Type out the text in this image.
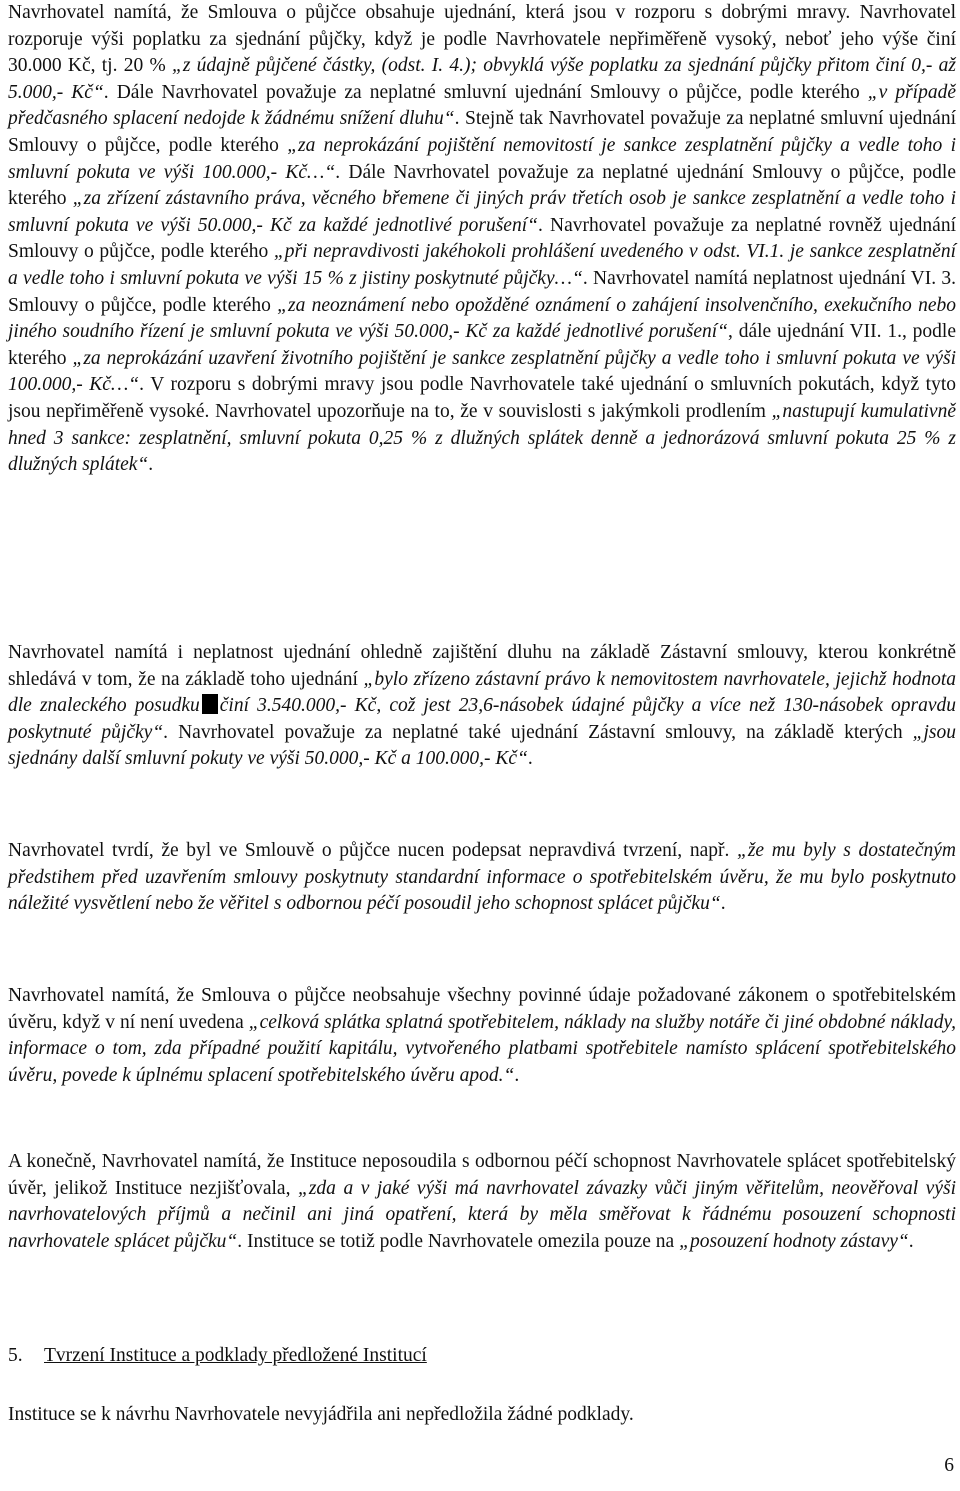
Navrhovatel namítá, že Smlouva o půjčce obsahuje ujednání, která jsou v rozporu s dobrými mravy. Navrhovatel rozporuje výši poplatku za sjednání půjčky, když je podle Navrhovatele nepřiměřeně vysoký, neboť jeho výše činí 30.000 Kč, tj. 20 % „z údajně půjčené částky, (odst. I. 4.); obvyklá výše poplatku za sjednání půjčky přitom činí 0,- až 5.000,- Kč“. Dále Navrhovatel považuje za neplatné smluvní ujednání Smlouvy o půjčce, podle kterého „v případě předčasného splacení nedojde k žádnému snížení dluhu“. Stejně tak Navrhovatel považuje za neplatné smluvní ujednání Smlouvy o půjčce, podle kterého „za neprokázání pojištění nemovitostí je sankce zesplatnění půjčky a vedle toho i smluvní pokuta ve výši 100.000,- Kč…“. Dále Navrhovatel považuje za neplatné ujednání Smlouvy o půjčce, podle kterého „za zřízení zástavního práva, věcného břemene či jiných práv třetích osob je sankce zesplatnění a vedle toho i smluvní pokuta ve výši 50.000,- Kč za každé jednotlivé porušení“. Navrhovatel považuje za neplatné rovněž ujednání Smlouvy o půjčce, podle kterého „při nepravdivosti jakéhokoli prohlášení uvedeného v odst. VI.1. je sankce zesplatnění a vedle toho i smluvní pokuta ve výši 15 % z jistiny poskytnuté půjčky…“. Navrhovatel namítá neplatnost ujednání VI. 3. Smlouvy o půjčce, podle kterého „za neoznámení nebo opožděné oznámení o zahájení insolvenčního, exekučního nebo jiného soudního řízení je smluvní pokuta ve výši 50.000,- Kč za každé jednotlivé porušení“, dále ujednání VII. 1., podle kterého „za neprokázání uzavření životního pojištění je sankce zesplatnění půjčky a vedle toho i smluvní pokuta ve výši 100.000,- Kč…“. V rozporu s dobrými mravy jsou podle Navrhovatele také ujednání o smluvních pokutách, když tyto jsou nepřiměřeně vysoké. Navrhovatel upozorňuje na to, že v souvislosti s jakýmkoli prodlením „nastupují kumulativně hned 3 sankce: zesplatnění, smluvní pokuta 0,25 % z dlužných splátek denně a jednorázová smluvní pokuta 25 % z dlužných splátek“.

Navrhovatel namítá i neplatnost ujednání ohledně zajištění dluhu na základě Zástavní smlouvy, kterou konkrétně shledává v tom, že na základě toho ujednání „bylo zřízeno zástavní právo k nemovitostem navrhovatele, jejichž hodnota dle znaleckého posudku činí 3.540.000,- Kč, což jest 23,6-násobek údajné půjčky a více než 130-násobek opravdu poskytnuté půjčky“. Navrhovatel považuje za neplatné také ujednání Zástavní smlouvy, na základě kterých „jsou sjednány další smluvní pokuty ve výši 50.000,- Kč a 100.000,- Kč“.

Navrhovatel tvrdí, že byl ve Smlouvě o půjčce nucen podepsat nepravdivá tvrzení, např. „že mu byly s dostatečným předstihem před uzavřením smlouvy poskytnuty standardní informace o spotřebitelském úvěru, že mu bylo poskytnuto náležité vysvětlení nebo že věřitel s odbornou péčí posoudil jeho schopnost splácet půjčku“.

Navrhovatel namítá, že Smlouva o půjčce neobsahuje všechny povinné údaje požadované zákonem o spotřebitelském úvěru, když v ní není uvedena „celková splátka splatná spotřebitelem, náklady na služby notáře či jiné obdobné náklady, informace o tom, zda případné použití kapitálu, vytvořeného platbami spotřebitele namísto splácení spotřebitelského úvěru, povede k úplnému splacení spotřebitelského úvěru apod.“.

A konečně, Navrhovatel namítá, že Instituce neposoudila s odbornou péčí schopnost Navrhovatele splácet spotřebitelský úvěr, jelikož Instituce nezjišťovala, „zda a v jaké výši má navrhovatel závazky vůči jiným věřitelům, neověřoval výši navrhovatelových příjmů a nečinil ani jiná opatření, která by měla směřovat k řádnému posouzení schopnosti navrhovatele splácet půjčku“. Instituce se totiž podle Navrhovatele omezila pouze na „posouzení hodnoty zástavy“.

5. Tvrzení Instituce a podklady předložené Institucí

Instituce se k návrhu Navrhovatele nevyjádřila ani nepředložila žádné podklady.

6
